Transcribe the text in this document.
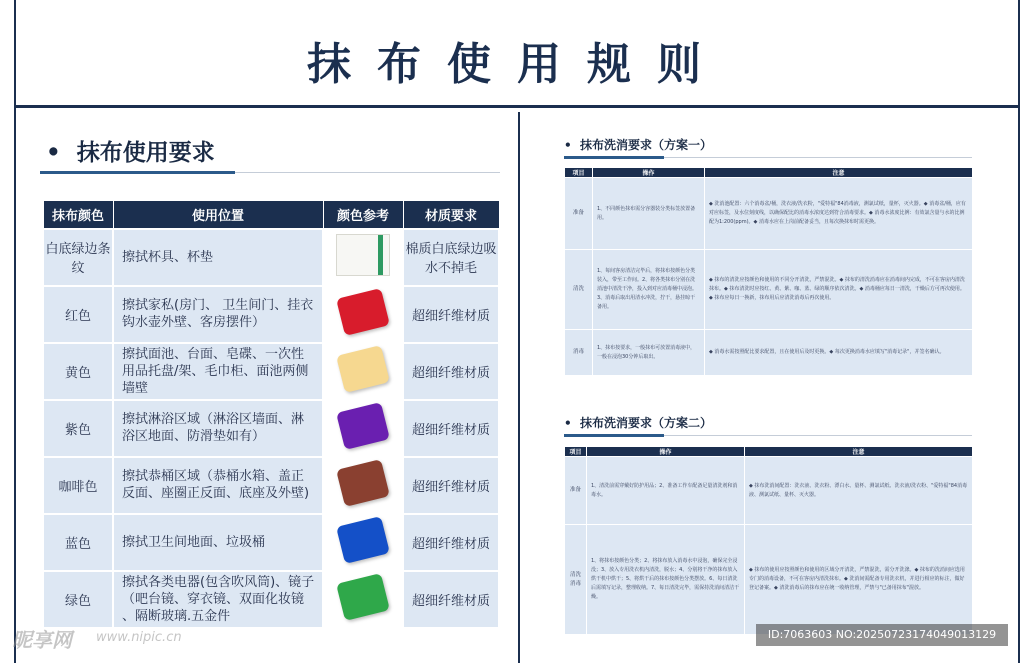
抹布使用规则
• 抹布使用要求
抹布颜色	使用位置	颜色参考	材质要求
白底绿边条纹	擦拭杯具、杯垫		棉质白底绿边吸水不掉毛
红色	擦拭家私(房门、 卫生间门、挂衣钩水壶外壁、客房摆件）		超细纤维材质
黄色	擦拭面池、台面、皂碟、一次性用品托盘/架、毛巾柜、面池两侧墙壁		超细纤维材质
紫色	擦拭淋浴区域（淋浴区墙面、淋浴区地面、防滑垫如有）		超细纤维材质
咖啡色	擦拭恭桶区域（恭桶水箱、盖正反面、座圈正反面、底座及外壁)		超细纤维材质
蓝色	擦拭卫生间地面、垃圾桶		超细纤维材质
绿色	擦拭各类电器(包含吹风筒)、镜子（吧台镜、穿衣镜、双面化妆镜 、隔断玻璃.五金件		超细纤维材质
•  抹布洗消要求（方案一）
项目	操作	注意
准备	1、不同颜色抹布需分容器装分类标签放置备用。	◆ 洗消池配置：六个消毒盆/桶，洗衣液/洗衣粉，"爱特福"84消毒液，测氯试纸，量杯，灭火器。◆ 消毒盆/桶，应有对应标签，及水位刻度线，以确保配比的消毒水浓度达到符合消毒要求。◆ 消毒水浓度比例：有效氯含量与水的比例配为1:200(ppm)。◆ 消毒水应在上岗前配备妥当，且每次换抹布时需更换。
清洗	1、每间客房清洁完毕后，将抹布按颜色分类装入，带至工作间。2、将各类抹布分别在洗消池中清洗干净，投入到对应消毒桶中浸泡。3、消毒后取出用清水冲洗，拧干，悬挂晾干备用。	◆ 抹布的清洗应按颜色和使用的不同分开清洗，严禁混洗。◆ 抹布的清洗消毒应在消毒间内完成，不可在客房内清洗抹布。◆ 抹布清洗时应按红、黄、紫、咖、蓝、绿的顺序依次清洗。◆ 消毒桶应每日一清洗，干燥后方可再次使用。◆ 抹布应每日一换新，抹布用后应清洗消毒后再次使用。
消毒	1、抹布按要求，一般抹布可放置消毒液中，一般在浸泡30分钟后取出。	◆ 消毒水需按照配比要求配置，且在使用后及时更换。◆ 每次更换消毒水应填写"消毒记录"，并签名确认。
•  抹布洗消要求（方案二）
项目	操作	注意
准备	1、清洗前需穿戴好防护用品；2、准备工作车配备足量清洗剂和消毒水。	◆ 抹布洗消间配置：洗衣液、洗衣粉、漂白水、量杯、测氯试纸、洗衣液/洗衣粉、"爱特福"84消毒液、测氯试纸、量杯、灭火器。
清洗消毒	1、将抹布按颜色分类；2、将抹布放入消毒水中浸泡，确保完全浸没；3、放入专用洗衣机内清洗，脱水；4、分别将干净的抹布放入烘干机中烘干；5、将烘干后的抹布按颜色分类摆放。6、每日清洗后需填写记录，整理收纳。7、每日清洗完毕，需保持洗消间清洁干燥。	◆ 抹布的使用应按照颜色和使用的区域分开清洗，严禁混洗，需分开洗涤。◆ 抹布的洗消间应选用专门的消毒设备，不可在客房内清洗抹布。◆ 洗消间需配备专用洗衣机，并进行相应的标注，做好登记备案。◆ 清洗消毒后的抹布应在统一收纳管理，严禁与"已备用抹布"混放。
昵享网 www.nipic.cn	ID:7063603 NO:20250723174049013129
